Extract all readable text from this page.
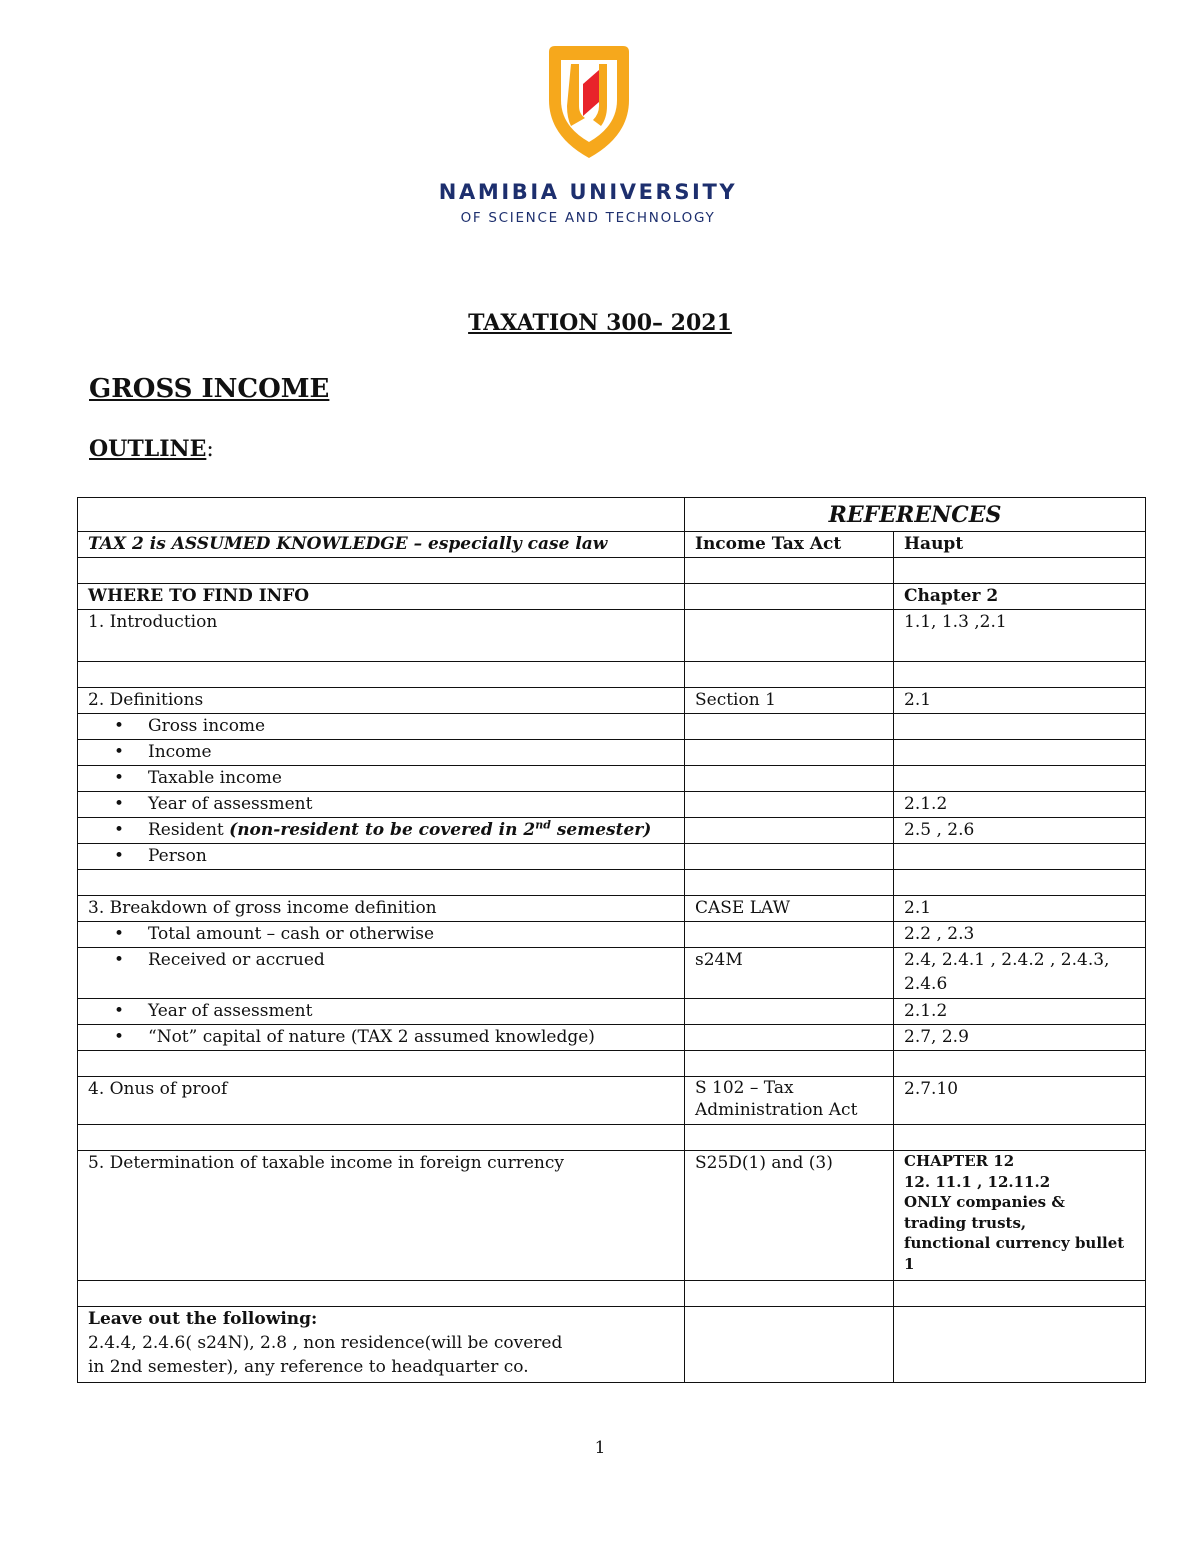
NAMIBIA UNIVERSITY
OF SCIENCE AND TECHNOLOGY
TAXATION 300– 2021
GROSS INCOME
OUTLINE:
	REFERENCES	
TAX 2 is ASSUMED KNOWLEDGE – especially case law	Income Tax Act	Haupt

WHERE TO FIND INFO		Chapter 2
1. Introduction		1.1, 1.3 ,2.1

2. Definitions	Section 1	2.1
• Gross income		
• Income		
• Taxable income		
• Year of assessment		2.1.2
• Resident (non-resident to be covered in 2nd semester)		2.5 , 2.6
• Person		

3. Breakdown of gross income definition	CASE LAW	2.1
• Total amount – cash or otherwise		2.2 , 2.3
• Received or accrued	s24M	2.4, 2.4.1 , 2.4.2 , 2.4.3, 2.4.6
• Year of assessment		2.1.2
• “Not” capital of nature (TAX 2 assumed knowledge)		2.7, 2.9

4. Onus of proof	S 102 – Tax Administration Act	2.7.10

5. Determination of taxable income in foreign currency	S25D(1) and (3)	CHAPTER 12
12. 11.1 , 12.11.2
ONLY companies &
trading trusts,
functional currency bullet 1

Leave out the following:
2.4.4, 2.4.6( s24N), 2.8 , non residence(will be covered
in 2nd semester), any reference to headquarter co.		

1
